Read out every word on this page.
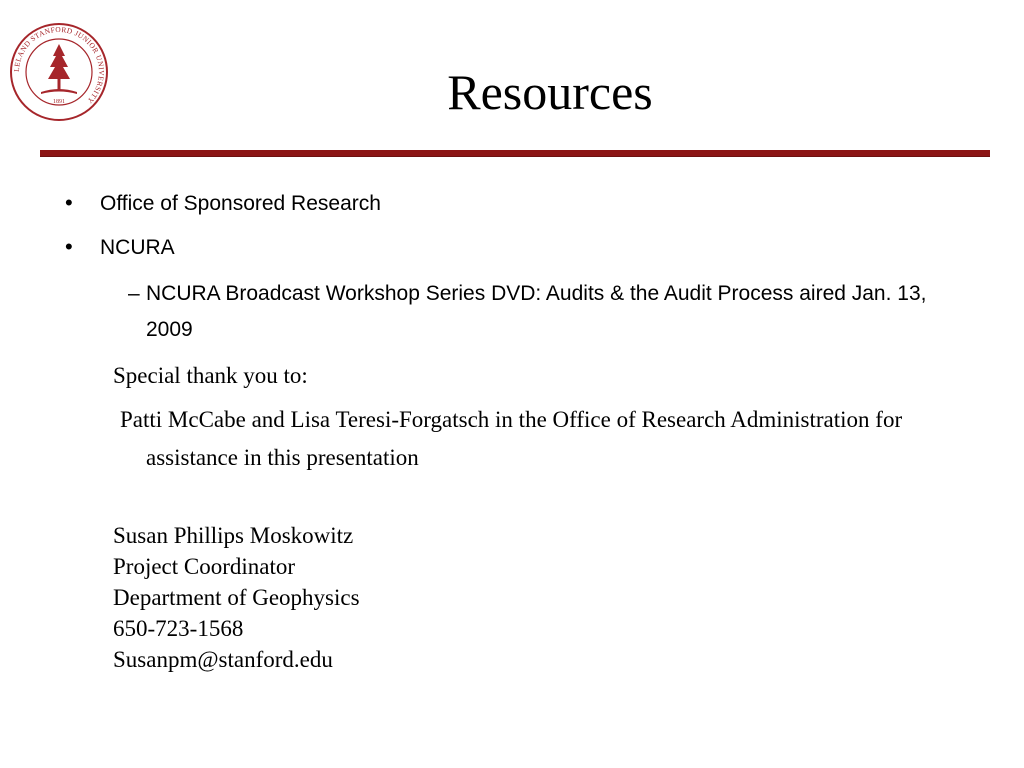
LELAND STANFORD JUNIOR UNIVERSITY
1891	Resources
•	Office of Sponsored Research
•	NCURA
– NCURA Broadcast Workshop Series DVD: Audits & the Audit Process aired Jan. 13, 2009
Special thank you to:
Patti McCabe and Lisa Teresi-Forgatsch in the Office of Research Administration for assistance in this presentation
Susan Phillips Moskowitz
Project Coordinator
Department of Geophysics
650-723-1568
Susanpm@stanford.edu
